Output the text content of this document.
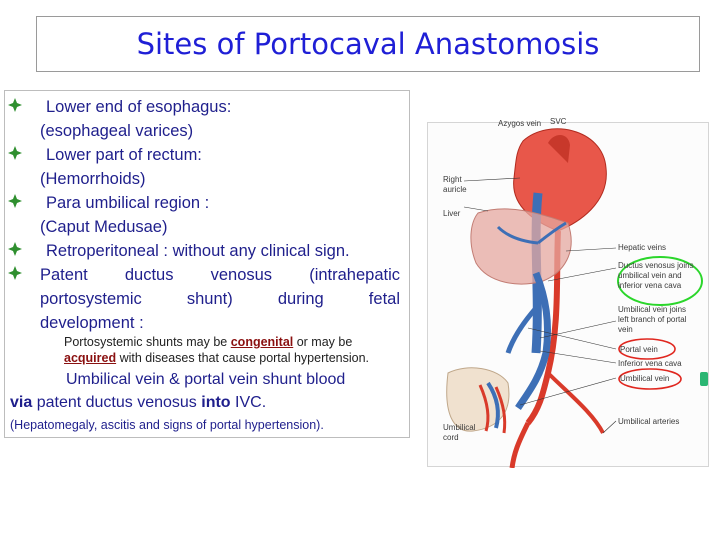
Sites of Portocaval Anastomosis
Lower end of esophagus:
(esophageal varices)
Lower part of rectum:
(Hemorrhoids)
Para umbilical region :
(Caput Medusae)
Retroperitoneal : without any clinical sign.
Patent ductus venosus (intrahepatic
portosystemic shunt) during fetal
development :
Portosystemic shunts may be congenital or may be acquired with diseases that cause portal hypertension.
Umbilical vein & portal vein shunt blood
via patent ductus venosus into IVC.
(Hepatomegaly, ascitis and signs of portal hypertension).
Azygos vein SVC
Right auricle
Liver
Hepatic veins
Ductus venosus joins umbilical vein and inferior vena cava
Umbilical vein joins left branch of portal vein
Portal vein
Inferior vena cava
Umbilical vein
Umbilical arteries
Umbilical cord
